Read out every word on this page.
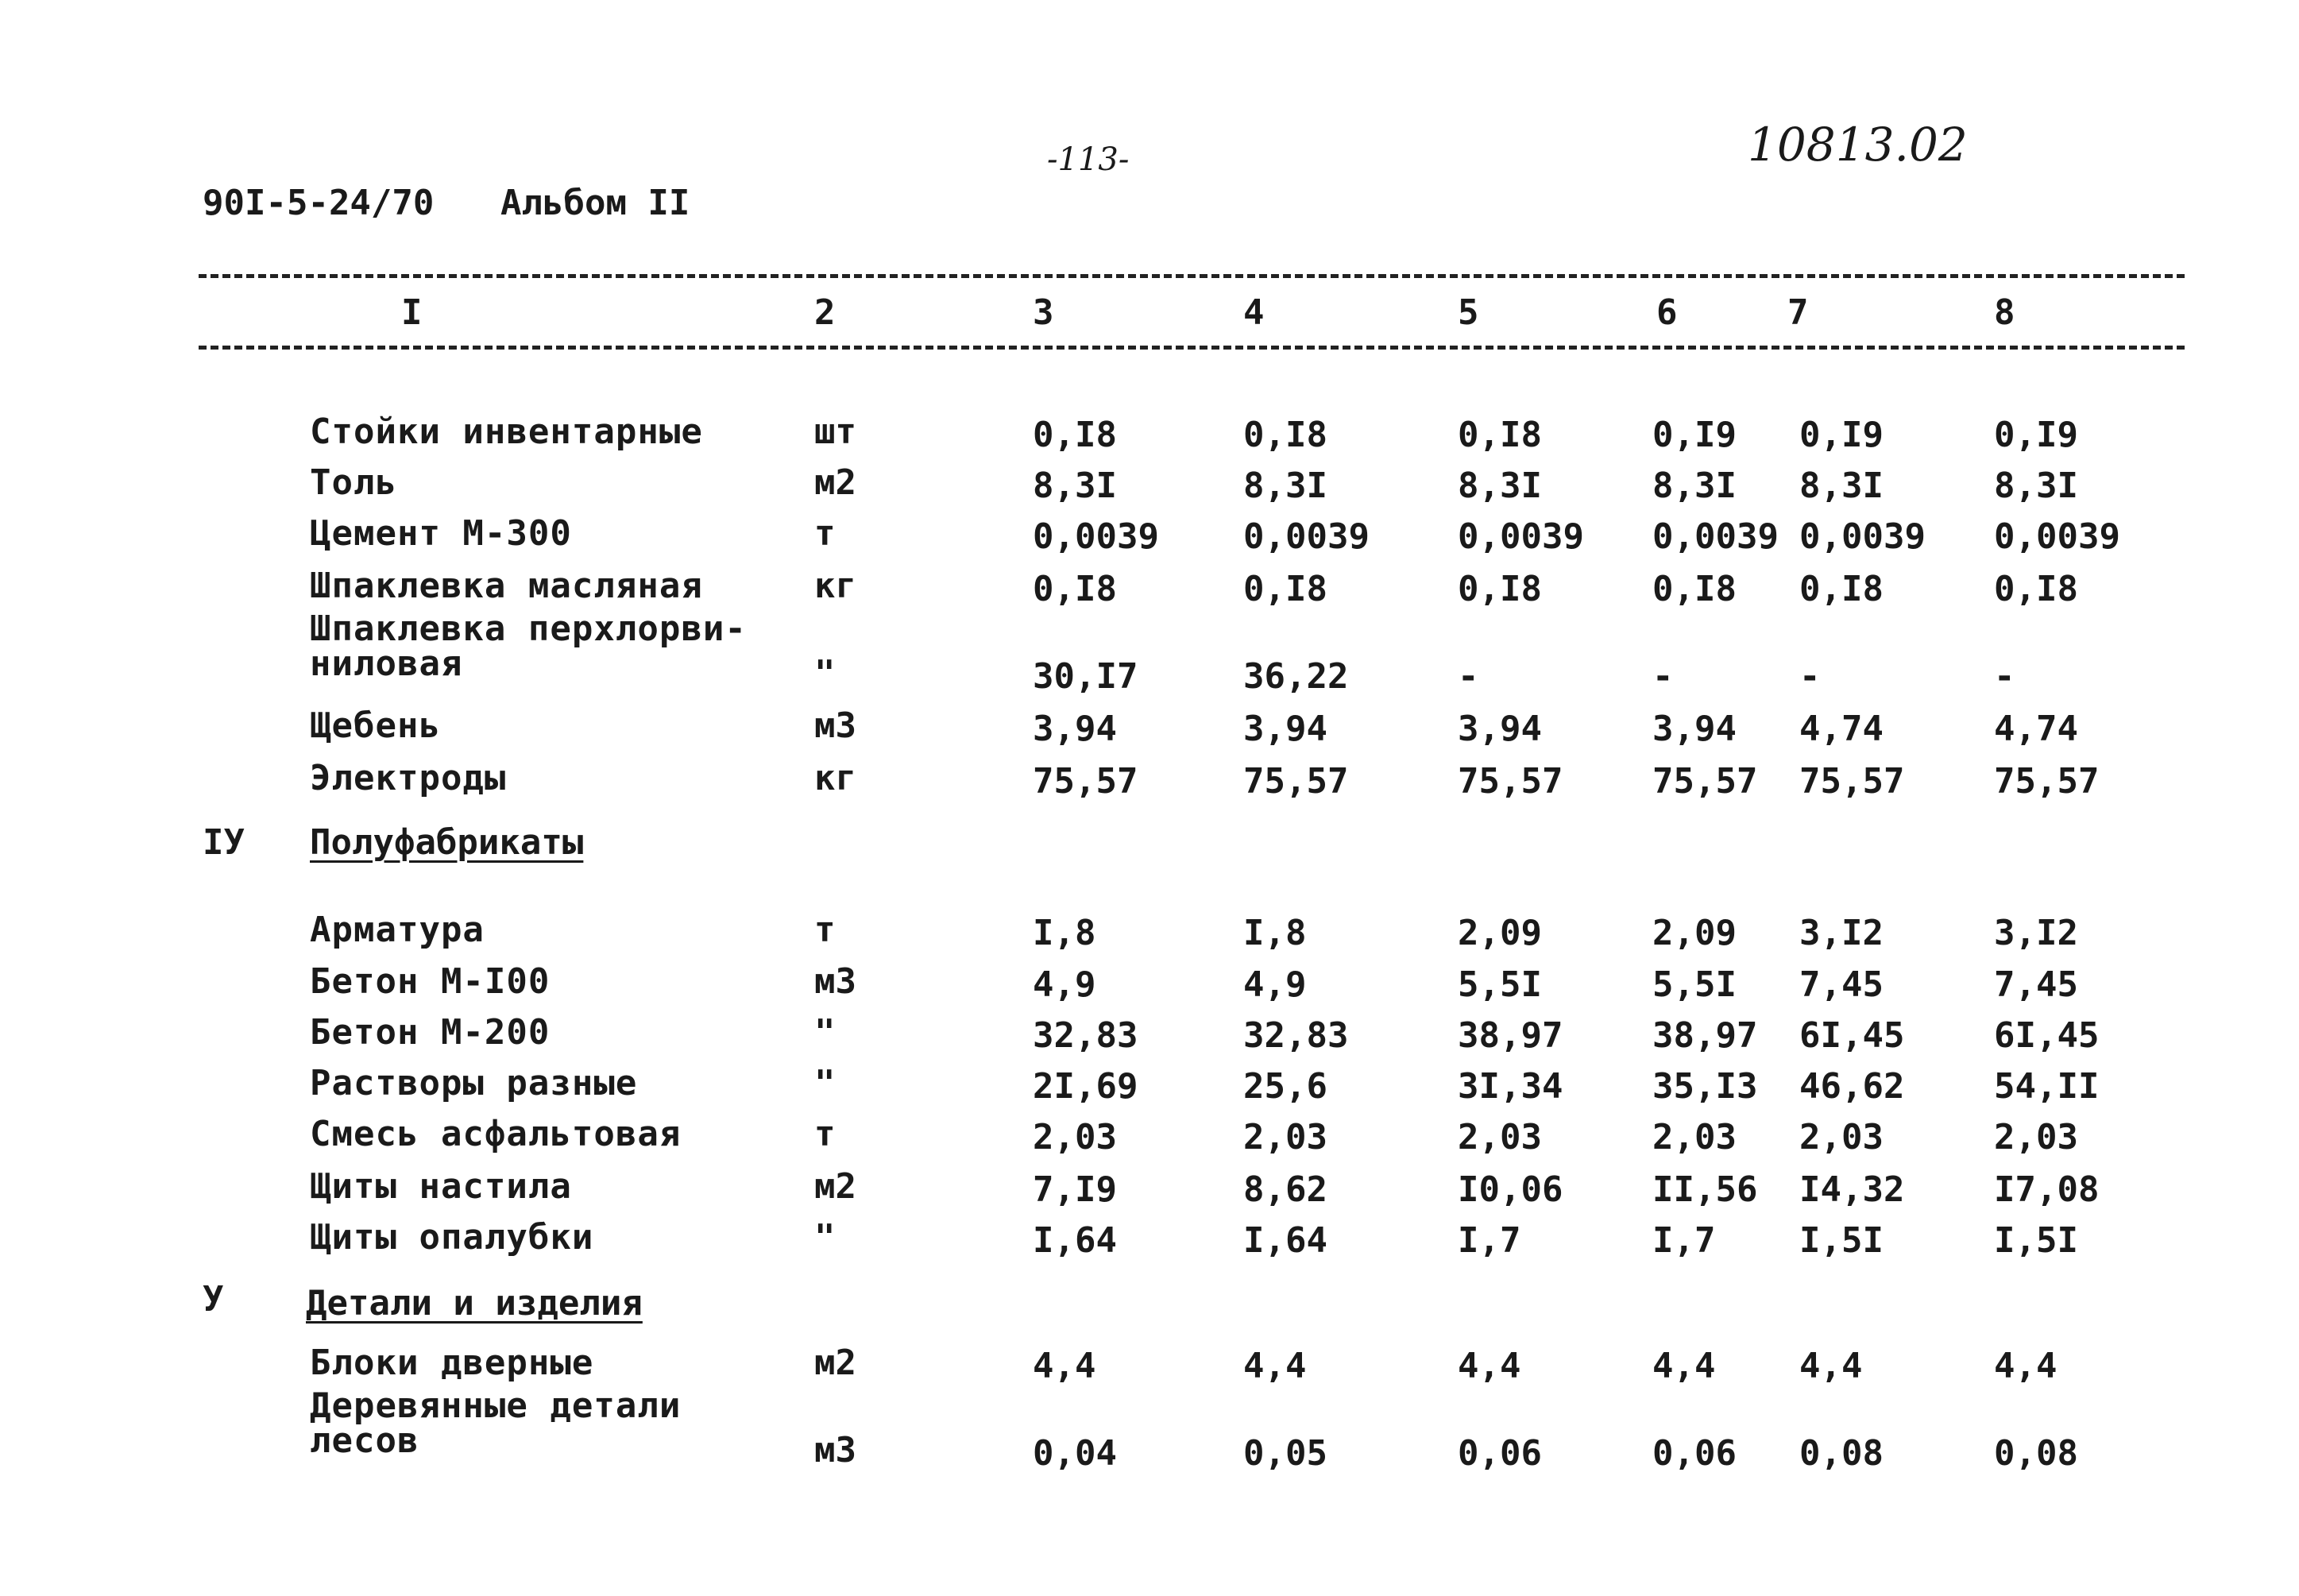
90I-5-24/70 Альбом II
-113-	10813.02
I	2	3	4	5	6	7	8
Стойки инвентарные	шт	0,I8	0,I8	0,I8	0,I9 0,I9	0,I9
Толь	м2	8,3I	8,3I	8,3I	8,3I 8,3I	8,3I
Цемент М-300	т	0,0039 0,0039	0,0039 0,0039 0,0039 0,0039
Шпаклевка масляная	кг	0,I8	0,I8	0,I8	0,I8 0,I8	0,I8
Шпаклевка перхлорви-
ниловая	"	30,I7	36,22	-	-	-	-
Щебень	м3	3,94	3,94	3,94	3,94 4,74	4,74
Электроды	кг	75,57	75,57	75,57	75,57 75,57	75,57
IУ Полуфабрикаты
Арматура	т	I,8	I,8	2,09	2,09 3,I2	3,I2
Бетон М-I00	м3	4,9	4,9	5,5I	5,5I 7,45	7,45
Бетон М-200	"	32,83	32,83	38,97	38,97 6I,45	6I,45
Растворы разные	"	2I,69	25,6	3I,34	35,I3 46,62	54,II
Смесь асфальтовая	т	2,03	2,03	2,03	2,03 2,03	2,03
Щиты настила	м2	7,I9	8,62	I0,06	II,56 I4,32	I7,08
Щиты опалубки	"	I,64	I,64	I,7	I,7 I,5I	I,5I
У Детали и изделия
Блоки дверные	м2	4,4	4,4	4,4	4,4 4,4	4,4
Деревянные детали
лесов	м3	0,04	0,05	0,06	0,06 0,08	0,08
